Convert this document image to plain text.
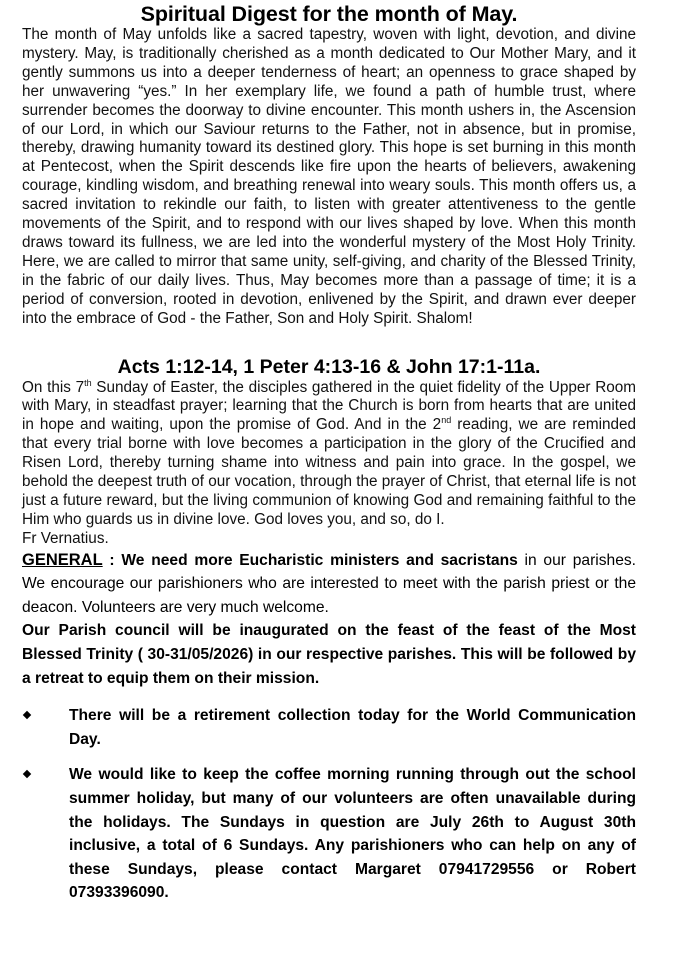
Spiritual Digest for the month of May.

The month of May unfolds like a sacred tapestry, woven with light, devotion, and divine mystery. May, is traditionally cherished as a month dedicated to Our Mother Mary, and it gently summons us into a deeper tenderness of heart; an openness to grace shaped by her unwavering “yes.” In her exemplary life, we found a path of humble trust, where surrender becomes the doorway to divine encounter. This month ushers in, the Ascension of our Lord, in which our Saviour returns to the Father, not in absence, but in promise, thereby, drawing humanity toward its destined glory. This hope is set burning in this month at Pentecost, when the Spirit descends like fire upon the hearts of believers, awakening courage, kindling wisdom, and breathing renewal into weary souls. This month offers us, a sacred invitation to rekindle our faith, to listen with greater attentiveness to the gentle movements of the Spirit, and to respond with our lives shaped by love. When this month draws toward its fullness, we are led into the wonderful mystery of the Most Holy Trinity. Here, we are called to mirror that same unity, self-giving, and charity of the Blessed Trinity, in the fabric of our daily lives. Thus, May becomes more than a passage of time; it is a period of conversion, rooted in devotion, enlivened by the Spirit, and drawn ever deeper into the embrace of God - the Father, Son and Holy Spirit. Shalom!

Acts 1:12-14, 1 Peter 4:13-16 & John 17:1-11a.

On this 7th Sunday of Easter, the disciples gathered in the quiet fidelity of the Upper Room with Mary, in steadfast prayer; learning that the Church is born from hearts that are united in hope and waiting, upon the promise of God. And in the 2nd reading, we are reminded that every trial borne with love becomes a participation in the glory of the Crucified and Risen Lord, thereby turning shame into witness and pain into grace. In the gospel, we behold the deepest truth of our vocation, through the prayer of Christ, that eternal life is not just a future reward, but the living communion of knowing God and remaining faithful to the Him who guards us in divine love. God loves you, and so, do I.
Fr Vernatius.

GENERAL : We need more Eucharistic ministers and sacristans in our parishes. We encourage our parishioners who are interested to meet with the parish priest or the deacon. Volunteers are very much welcome.

Our Parish council will be inaugurated on the feast of the feast of the Most Blessed Trinity ( 30-31/05/2026) in our respective parishes. This will be followed by a retreat to equip them on their mission.

There will be a retirement collection today for the World Communication Day.
We would like to keep the coffee morning running through out the school summer holiday, but many of our volunteers are often unavailable during the holidays. The Sundays in question are July 26th to August 30th inclusive, a total of 6 Sundays. Any parishioners who can help on any of these Sundays, please contact Margaret 07941729556 or Robert 07393396090.
